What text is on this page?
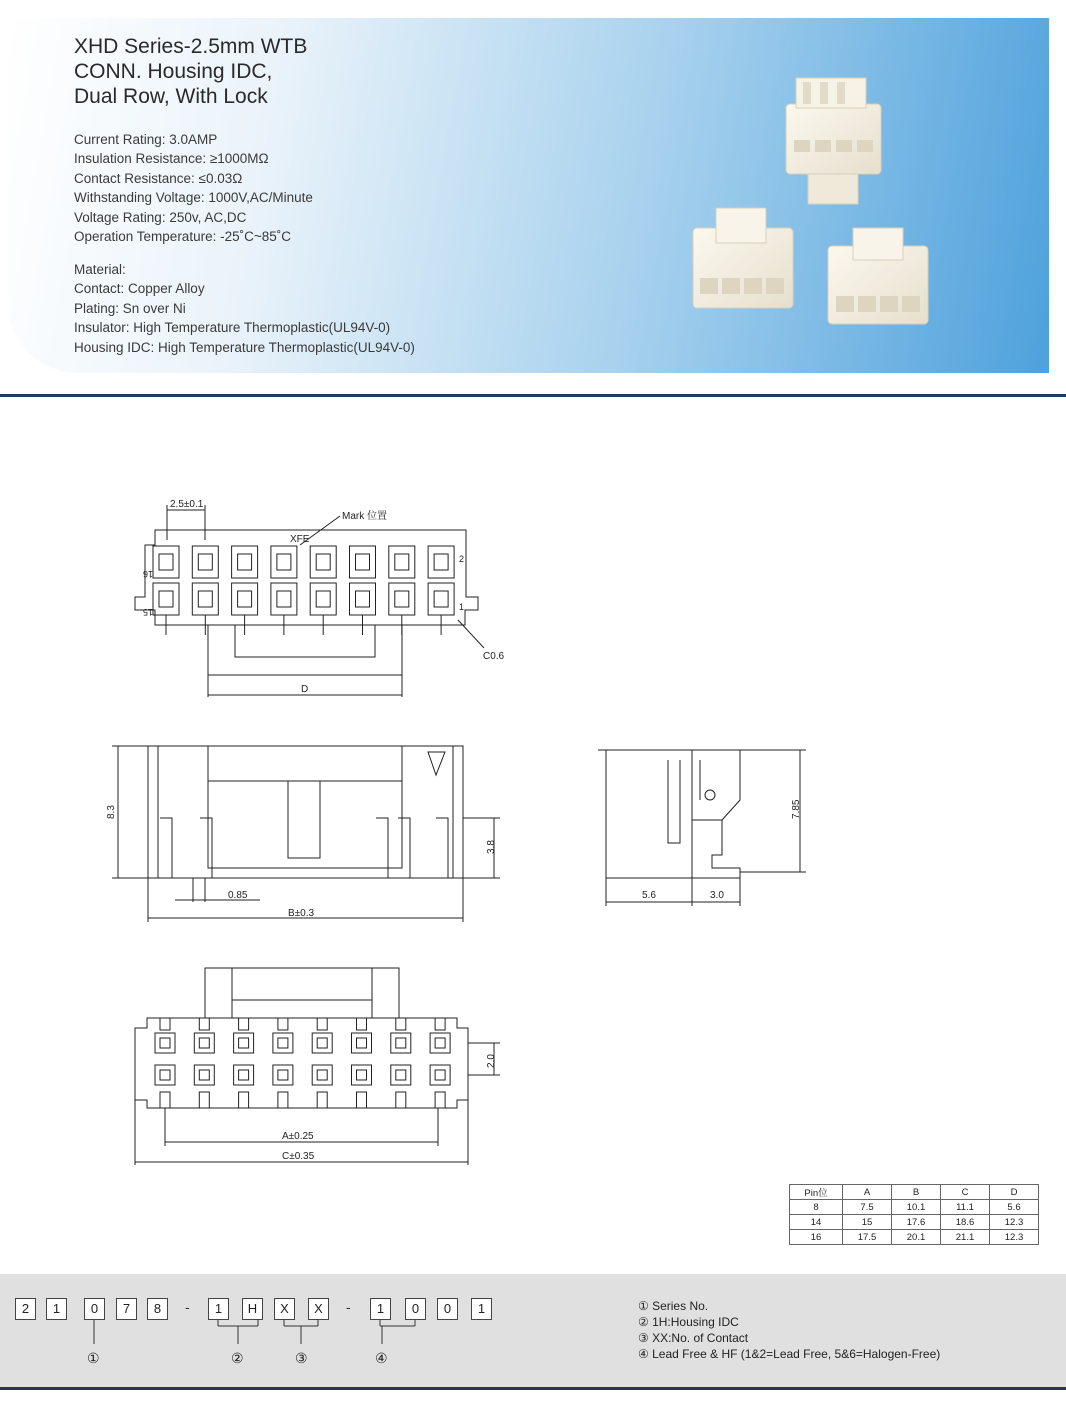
XHD Series-2.5mm WTB
CONN. Housing IDC,
Dual Row, With Lock
Current Rating: 3.0AMP
Insulation Resistance: ≥1000MΩ
Contact Resistance: ≤0.03Ω
Withstanding Voltage: 1000V,AC/Minute
Voltage Rating: 250v, AC,DC
Operation Temperature: -25˚C~85˚C
Material:
Contact: Copper Alloy
Plating: Sn over Ni
Insulator: High Temperature Thermoplastic(UL94V-0)
Housing IDC: High Temperature Thermoplastic(UL94V-0)
2.5±0.1
Mark 位置
XFE
C0.6
D
16
15
2
1
8.3
3.8
0.85
B±0.3
7.85
5.6	3.0
2.0
A±0.25
C±0.35
Pin位	A	B	C	D
8	7.5	10.1	11.1	5.6
14	15	17.6	18.6	12.3
16	17.5	20.1	21.1	12.3
2	1	0	7	8	-	1	H	X	X	-	1	0	0	1
①	②	③	④
① Series No.
② 1H:Housing IDC
③ XX:No. of Contact
④ Lead Free & HF (1&2=Lead Free, 5&6=Halogen-Free)
